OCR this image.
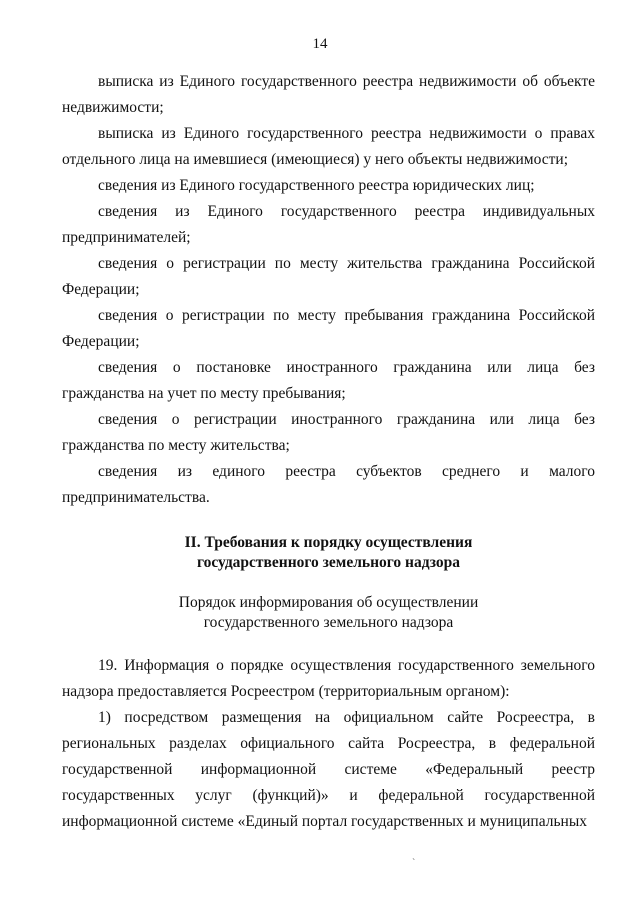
14

выписка из Единого государственного реестра недвижимости об объекте недвижимости;

выписка из Единого государственного реестра недвижимости о правах отдельного лица на имевшиеся (имеющиеся) у него объекты недвижимости;

сведения из Единого государственного реестра юридических лиц;

сведения из Единого государственного реестра индивидуальных предпринимателей;

сведения о регистрации по месту жительства гражданина Российской Федерации;

сведения о регистрации по месту пребывания гражданина Российской Федерации;

сведения о постановке иностранного гражданина или лица без гражданства на учет по месту пребывания;

сведения о регистрации иностранного гражданина или лица без гражданства по месту жительства;

сведения из единого реестра субъектов среднего и малого предпринимательства.

II. Требования к порядку осуществления
государственного земельного надзора
Порядок информирования об осуществлении
государственного земельного надзора

19. Информация о порядке осуществления государственного земельного надзора предоставляется Росреестром (территориальным органом):

1) посредством размещения на официальном сайте Росреестра, в региональных разделах официального сайта Росреестра, в федеральной государственной информационной системе «Федеральный реестр государственных услуг (функций)» и федеральной государственной информационной системе «Единый портал государственных и муниципальных

`
